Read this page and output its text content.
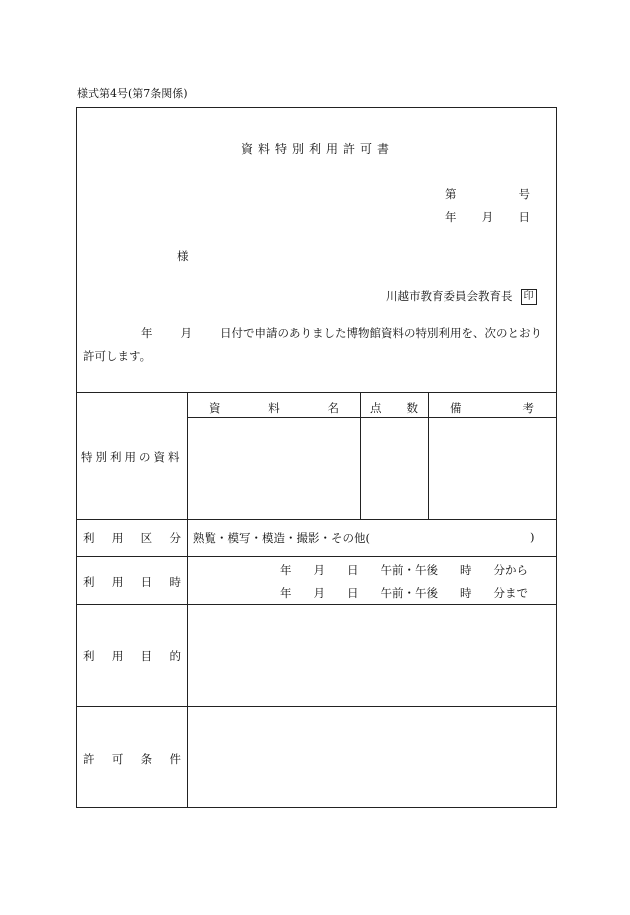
様式第4号(第7条関係)
資料特別利用許可書
第	号
年 月 日
様
川越市教育委員会教育長 印
年 月 日付で申請のありました博物館資料の特別利用を、次のとおり許可します。
特別利用の資料
資	料	名	点 数	備	考
利 用 区 分 熟覧・模写・模造・撮影・その他(	)
利 用 日 時
年 月 日 午前・午後 時 分から
年 月 日 午前・午後 時 分まで
利 用 目 的
許 可 条 件
